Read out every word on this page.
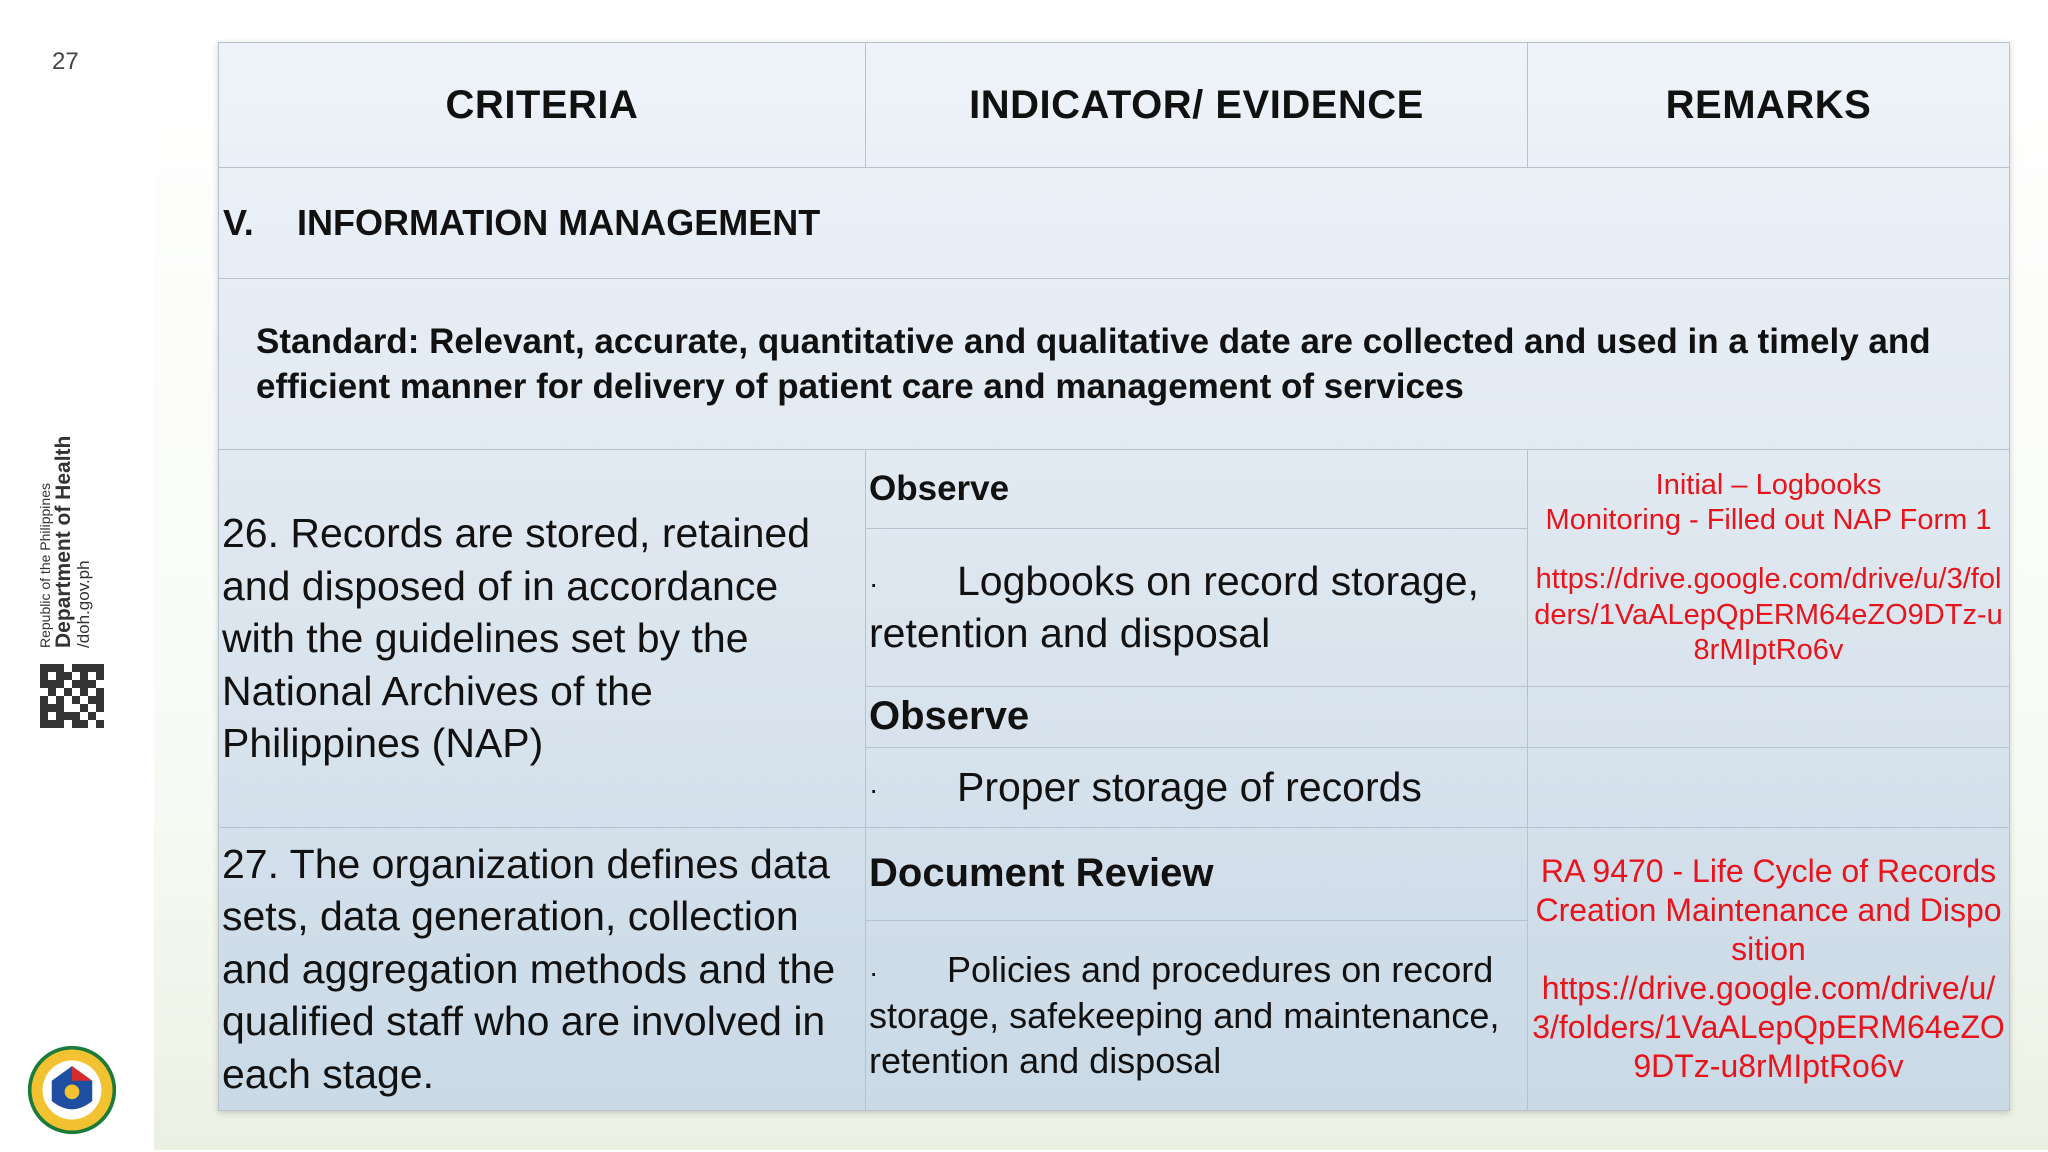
27
Republic of the Philippines
Department of Health /doh.gov.ph
CRITERIA	INDICATOR/ EVIDENCE	REMARKS

V. INFORMATION MANAGEMENT		

Standard: Relevant, accurate, quantitative and qualitative date are collected and used in a timely and efficient manner for delivery of patient care and management of services		
26. Records are stored, retained and disposed of in accordance with the guidelines set by the National Archives of the Philippines (NAP)	Observe	Initial – Logbooks

Monitoring - Filled out NAP Form 1

https://drive.google.com/drive/u/3/folders/1VaALepQpERM64eZO9DTz-u8rMIptRo6v

	· Logbooks on record storage, retention and disposal	
	Observe	
	· Proper storage of records	
27. The organization defines data sets, data generation, collection and aggregation methods and the qualified staff who are involved in each stage.	Document Review	RA 9470 - Life Cycle of Records Creation Maintenance and Disposition

https://drive.google.com/drive/u/3/folders/1VaALepQpERM64eZO9DTz-u8rMIptRo6v

	· Policies and procedures on record storage, safekeeping and maintenance, retention and disposal	
